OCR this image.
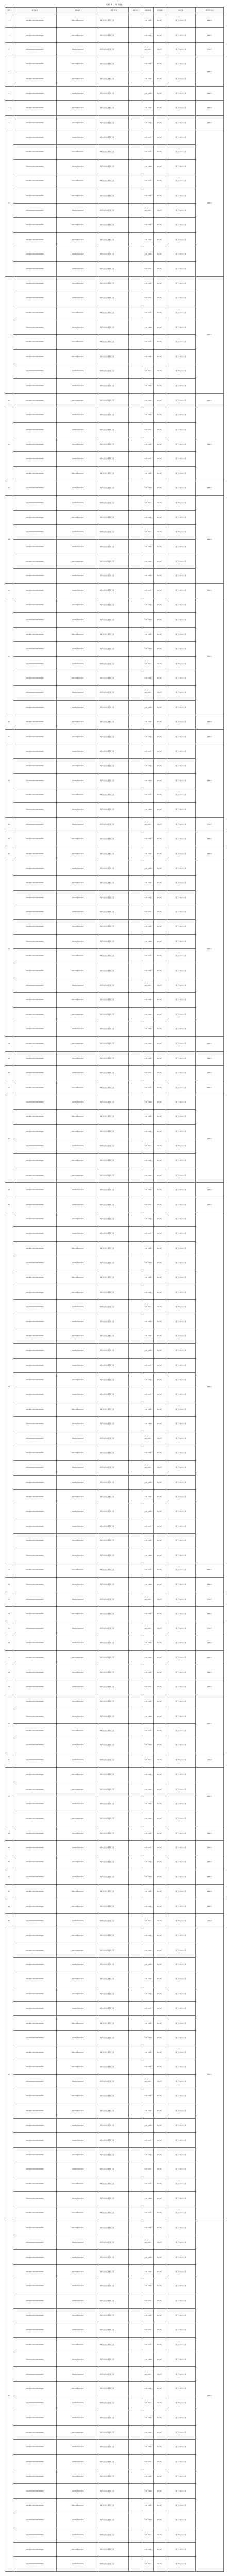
采购项目明细表
序号	项目编号	采购编号	项目名称	采购方式	审批金额	合同金额	供应商	项目负责人
1	240418044015000000000	2024020141234	城市综合执法局零星工程		4017011	201.3万	厦门市×××公司	2390.7
2	240418044015000000000	2024020141234	城市综合执法局零星工程		4017011	201.3万	厦门市×××公司	2390.7
3	240418044015000000000	2024020141234	城市综合执法局零星工程		4017011	201.3万	厦门市×××公司	2390.7
4	240418044015000000000	2024020141234	城市综合执法局零星工程		4017011	201.3万	厦门市×××公司	2390.7
	240418044015000000000	2024020141234	城市综合执法局零星工程		4017011	201.3万	厦门市×××公司	
5	240418044015000000000	2024020141234	城市综合执法局零星工程		4017011	201.3万	厦门市×××公司	2390.7
6	240418044015000000000	2024020141234	城市综合执法局零星工程		4017011	201.3万	厦门市×××公司	2390.7
7	240418044015000000000	2024020141234	城市综合执法局零星工程		4017011	201.3万	厦门市×××公司	2390.7
8	240418044015000000000	2024020141234	城市综合执法局零星工程		4017011	201.3万	厦门市×××公司	2390.7
	240418044015000000000	2024020141234	城市综合执法局零星工程		4017011	201.3万	厦门市×××公司	
	240418044015000000000	2024020141234	城市综合执法局零星工程		4017011	201.3万	厦门市×××公司	
	240418044015000000000	2024020141234	城市综合执法局零星工程		4017011	201.3万	厦门市×××公司	
	240418044015000000000	2024020141234	城市综合执法局零星工程		4017011	201.3万	厦门市×××公司	
	240418044015000000000	2024020141234	城市综合执法局零星工程		4017011	201.3万	厦门市×××公司	
	240418044015000000000	2024020141234	城市综合执法局零星工程		4017011	201.3万	厦门市×××公司	
	240418044015000000000	2024020141234	城市综合执法局零星工程		4017011	201.3万	厦门市×××公司	
	240418044015000000000	2024020141234	城市综合执法局零星工程		4017011	201.3万	厦门市×××公司	
	240418044015000000000	2024020141234	城市综合执法局零星工程		4017011	201.3万	厦门市×××公司	
9	240418044015000000000	2024020141234	城市综合执法局零星工程		4017011	201.3万	厦门市×××公司	2390.7
	240418044015000000000	2024020141234	城市综合执法局零星工程		4017011	201.3万	厦门市×××公司	
	240418044015000000000	2024020141234	城市综合执法局零星工程		4017011	201.3万	厦门市×××公司	
	240418044015000000000	2024020141234	城市综合执法局零星工程		4017011	201.3万	厦门市×××公司	
	240418044015000000000	2024020141234	城市综合执法局零星工程		4017011	201.3万	厦门市×××公司	
	240418044015000000000	2024020141234	城市综合执法局零星工程		4017011	201.3万	厦门市×××公司	
	240418044015000000000	2024020141234	城市综合执法局零星工程		4017011	201.3万	厦门市×××公司	
	240418044015000000000	2024020141234	城市综合执法局零星工程		4017011	201.3万	厦门市×××公司	
10	240418044015000000000	2024020141234	城市综合执法局零星工程		4017011	201.3万	厦门市×××公司	2390.7
11	240418044015000000000	2024020141234	城市综合执法局零星工程		4017011	201.3万	厦门市×××公司	2390.7
	240418044015000000000	2024020141234	城市综合执法局零星工程		4017011	201.3万	厦门市×××公司	
	240418044015000000000	2024020141234	城市综合执法局零星工程		4017011	201.3万	厦门市×××公司	
	240418044015000000000	2024020141234	城市综合执法局零星工程		4017011	201.3万	厦门市×××公司	
	240418044015000000000	2024020141234	城市综合执法局零星工程		4017011	201.3万	厦门市×××公司	
12	240418044015000000000	2024020141234	城市综合执法局零星工程		4017011	201.3万	厦门市×××公司	2390.7
13	240418044015000000000	2024020141234	城市综合执法局零星工程		4017011	201.3万	厦门市×××公司	2390.7
	240418044015000000000	2024020141234	城市综合执法局零星工程		4017011	201.3万	厦门市×××公司	
	240418044015000000000	2024020141234	城市综合执法局零星工程		4017011	201.3万	厦门市×××公司	
	240418044015000000000	2024020141234	城市综合执法局零星工程		4017011	201.3万	厦门市×××公司	
	240418044015000000000	2024020141234	城市综合执法局零星工程		4017011	201.3万	厦门市×××公司	
	240418044015000000000	2024020141234	城市综合执法局零星工程		4017011	201.3万	厦门市×××公司	
14	240418044015000000000	2024020141234	城市综合执法局零星工程		4017011	201.3万	厦门市×××公司	2390.7
15	240418044015000000000	2024020141234	城市综合执法局零星工程		4017011	201.3万	厦门市×××公司	2390.7
	240418044015000000000	2024020141234	城市综合执法局零星工程		4017011	201.3万	厦门市×××公司	
	240418044015000000000	2024020141234	城市综合执法局零星工程		4017011	201.3万	厦门市×××公司	
	240418044015000000000	2024020141234	城市综合执法局零星工程		4017011	201.3万	厦门市×××公司	
	240418044015000000000	2024020141234	城市综合执法局零星工程		4017011	201.3万	厦门市×××公司	
	240418044015000000000	2024020141234	城市综合执法局零星工程		4017011	201.3万	厦门市×××公司	
	240418044015000000000	2024020141234	城市综合执法局零星工程		4017011	201.3万	厦门市×××公司	
	240418044015000000000	2024020141234	城市综合执法局零星工程		4017011	201.3万	厦门市×××公司	
16	240418044015000000000	2024020141234	城市综合执法局零星工程		4017011	201.3万	厦门市×××公司	2390.7
17	240418044015000000000	2024020141234	城市综合执法局零星工程		4017011	201.3万	厦门市×××公司	2390.7
18	240418044015000000000	2024020141234	城市综合执法局零星工程		4017011	201.3万	厦门市×××公司	2390.7
	240418044015000000000	2024020141234	城市综合执法局零星工程		4017011	201.3万	厦门市×××公司	
	240418044015000000000	2024020141234	城市综合执法局零星工程		4017011	201.3万	厦门市×××公司	
	240418044015000000000	2024020141234	城市综合执法局零星工程		4017011	201.3万	厦门市×××公司	
	240418044015000000000	2024020141234	城市综合执法局零星工程		4017011	201.3万	厦门市×××公司	
19	240418044015000000000	2024020141234	城市综合执法局零星工程		4017011	201.3万	厦门市×××公司	2390.7
20	240418044015000000000	2024020141234	城市综合执法局零星工程		4017011	201.3万	厦门市×××公司	2390.7
21	240418044015000000000	2024020141234	城市综合执法局零星工程		4017011	201.3万	厦门市×××公司	2390.7
22	240418044015000000000	2024020141234	城市综合执法局零星工程		4017011	201.3万	厦门市×××公司	2390.7
	240418044015000000000	2024020141234	城市综合执法局零星工程		4017011	201.3万	厦门市×××公司	
	240418044015000000000	2024020141234	城市综合执法局零星工程		4017011	201.3万	厦门市×××公司	
	240418044015000000000	2024020141234	城市综合执法局零星工程		4017011	201.3万	厦门市×××公司	
	240418044015000000000	2024020141234	城市综合执法局零星工程		4017011	201.3万	厦门市×××公司	
	240418044015000000000	2024020141234	城市综合执法局零星工程		4017011	201.3万	厦门市×××公司	
	240418044015000000000	2024020141234	城市综合执法局零星工程		4017011	201.3万	厦门市×××公司	
	240418044015000000000	2024020141234	城市综合执法局零星工程		4017011	201.3万	厦门市×××公司	
	240418044015000000000	2024020141234	城市综合执法局零星工程		4017011	201.3万	厦门市×××公司	
	240418044015000000000	2024020141234	城市综合执法局零星工程		4017011	201.3万	厦门市×××公司	
	240418044015000000000	2024020141234	城市综合执法局零星工程		4017011	201.3万	厦门市×××公司	
	240418044015000000000	2024020141234	城市综合执法局零星工程		4017011	201.3万	厦门市×××公司	
23	240418044015000000000	2024020141234	城市综合执法局零星工程		4017011	201.3万	厦门市×××公司	2390.7
24	240418044015000000000	2024020141234	城市综合执法局零星工程		4017011	201.3万	厦门市×××公司	2390.7
25	240418044015000000000	2024020141234	城市综合执法局零星工程		4017011	201.3万	厦门市×××公司	2390.7
26	240418044015000000000	2024020141234	城市综合执法局零星工程		4017011	201.3万	厦门市×××公司	2390.7
27	240418044015000000000	2024020141234	城市综合执法局零星工程		4017011	201.3万	厦门市×××公司	2390.7
	240418044015000000000	2024020141234	城市综合执法局零星工程		4017011	201.3万	厦门市×××公司	
	240418044015000000000	2024020141234	城市综合执法局零星工程		4017011	201.3万	厦门市×××公司	
	240418044015000000000	2024020141234	城市综合执法局零星工程		4017011	201.3万	厦门市×××公司	
	240418044015000000000	2024020141234	城市综合执法局零星工程		4017011	201.3万	厦门市×××公司	
	240418044015000000000	2024020141234	城市综合执法局零星工程		4017011	201.3万	厦门市×××公司	
28	240418044015000000000	2024020141234	城市综合执法局零星工程		4017011	201.3万	厦门市×××公司	2390.7
29	240418044015000000000	2024020141234	城市综合执法局零星工程		4017011	201.3万	厦门市×××公司	2390.7
30	240418044015000000000	2024020141234	城市综合执法局零星工程		4017011	201.3万	厦门市×××公司	2390.7
	240418044015000000000	2024020141234	城市综合执法局零星工程		4017011	201.3万	厦门市×××公司	
	240418044015000000000	2024020141234	城市综合执法局零星工程		4017011	201.3万	厦门市×××公司	
	240418044015000000000	2024020141234	城市综合执法局零星工程		4017011	201.3万	厦门市×××公司	
	240418044015000000000	2024020141234	城市综合执法局零星工程		4017011	201.3万	厦门市×××公司	
	240418044015000000000	2024020141234	城市综合执法局零星工程		4017011	201.3万	厦门市×××公司	
	240418044015000000000	2024020141234	城市综合执法局零星工程		4017011	201.3万	厦门市×××公司	
	240418044015000000000	2024020141234	城市综合执法局零星工程		4017011	201.3万	厦门市×××公司	
	240418044015000000000	2024020141234	城市综合执法局零星工程		4017011	201.3万	厦门市×××公司	
	240418044015000000000	2024020141234	城市综合执法局零星工程		4017011	201.3万	厦门市×××公司	
	240418044015000000000	2024020141234	城市综合执法局零星工程		4017011	201.3万	厦门市×××公司	
	240418044015000000000	2024020141234	城市综合执法局零星工程		4017011	201.3万	厦门市×××公司	
	240418044015000000000	2024020141234	城市综合执法局零星工程		4017011	201.3万	厦门市×××公司	
	240418044015000000000	2024020141234	城市综合执法局零星工程		4017011	201.3万	厦门市×××公司	
	240418044015000000000	2024020141234	城市综合执法局零星工程		4017011	201.3万	厦门市×××公司	
	240418044015000000000	2024020141234	城市综合执法局零星工程		4017011	201.3万	厦门市×××公司	
	240418044015000000000	2024020141234	城市综合执法局零星工程		4017011	201.3万	厦门市×××公司	
	240418044015000000000	2024020141234	城市综合执法局零星工程		4017011	201.3万	厦门市×××公司	
	240418044015000000000	2024020141234	城市综合执法局零星工程		4017011	201.3万	厦门市×××公司	
	240418044015000000000	2024020141234	城市综合执法局零星工程		4017011	201.3万	厦门市×××公司	
	240418044015000000000	2024020141234	城市综合执法局零星工程		4017011	201.3万	厦门市×××公司	
	240418044015000000000	2024020141234	城市综合执法局零星工程		4017011	201.3万	厦门市×××公司	
	240418044015000000000	2024020141234	城市综合执法局零星工程		4017011	201.3万	厦门市×××公司	
	240418044015000000000	2024020141234	城市综合执法局零星工程		4017011	201.3万	厦门市×××公司	
31	240418044015000000000	2024020141234	城市综合执法局零星工程		4017011	201.3万	厦门市×××公司	2390.7
32	240418044015000000000	2024020141234	城市综合执法局零星工程		4017011	201.3万	厦门市×××公司	2390.7
33	240418044015000000000	2024020141234	城市综合执法局零星工程		4017011	201.3万	厦门市×××公司	2390.7
34	240418044015000000000	2024020141234	城市综合执法局零星工程		4017011	201.3万	厦门市×××公司	2390.7
35	240418044015000000000	2024020141234	城市综合执法局零星工程		4017011	201.3万	厦门市×××公司	2390.7
36	240418044015000000000	2024020141234	城市综合执法局零星工程		4017011	201.3万	厦门市×××公司	2390.7
37	240418044015000000000	2024020141234	城市综合执法局零星工程		4017011	201.3万	厦门市×××公司	2390.7
38	240418044015000000000	2024020141234	城市综合执法局零星工程		4017011	201.3万	厦门市×××公司	2390.7
39	240418044015000000000	2024020141234	城市综合执法局零星工程		4017011	201.3万	厦门市×××公司	2390.7
40	240418044015000000000	2024020141234	城市综合执法局零星工程		4017011	201.3万	厦门市×××公司	2390.7
	240418044015000000000	2024020141234	城市综合执法局零星工程		4017011	201.3万	厦门市×××公司	
	240418044015000000000	2024020141234	城市综合执法局零星工程		4017011	201.3万	厦门市×××公司	
	240418044015000000000	2024020141234	城市综合执法局零星工程		4017011	201.3万	厦门市×××公司	
41	240418044015000000000	2024020141234	城市综合执法局零星工程		4017011	201.3万	厦门市×××公司	2390.7
42	240418044015000000000	2024020141234	城市综合执法局零星工程		4017011	201.3万	厦门市×××公司	2390.7
	240418044015000000000	2024020141234	城市综合执法局零星工程		4017011	201.3万	厦门市×××公司	
	240418044015000000000	2024020141234	城市综合执法局零星工程		4017011	201.3万	厦门市×××公司	
	240418044015000000000	2024020141234	城市综合执法局零星工程		4017011	201.3万	厦门市×××公司	
43	240418044015000000000	2024020141234	城市综合执法局零星工程		4017011	201.3万	厦门市×××公司	2390.7
44	240418044015000000000	2024020141234	城市综合执法局零星工程		4017011	201.3万	厦门市×××公司	2390.7
45	240418044015000000000	2024020141234	城市综合执法局零星工程		4017011	201.3万	厦门市×××公司	2390.7
46	240418044015000000000	2024020141234	城市综合执法局零星工程		4017011	201.3万	厦门市×××公司	2390.7
47	240418044015000000000	2024020141234	城市综合执法局零星工程		4017011	201.3万	厦门市×××公司	2390.7
48	240418044015000000000	2024020141234	城市综合执法局零星工程		4017011	201.3万	厦门市×××公司	2390.7
49	240418044015000000000	2024020141234	城市综合执法局零星工程		4017011	201.3万	厦门市×××公司	2390.7
50	240418044015000000000	2024020141234	城市综合执法局零星工程		4017011	201.3万	厦门市×××公司	2390.7
	240418044015000000000	2024020141234	城市综合执法局零星工程		4017011	201.3万	厦门市×××公司	
	240418044015000000000	2024020141234	城市综合执法局零星工程		4017011	201.3万	厦门市×××公司	
	240418044015000000000	2024020141234	城市综合执法局零星工程		4017011	201.3万	厦门市×××公司	
	240418044015000000000	2024020141234	城市综合执法局零星工程		4017011	201.3万	厦门市×××公司	
	240418044015000000000	2024020141234	城市综合执法局零星工程		4017011	201.3万	厦门市×××公司	
	240418044015000000000	2024020141234	城市综合执法局零星工程		4017011	201.3万	厦门市×××公司	
	240418044015000000000	2024020141234	城市综合执法局零星工程		4017011	201.3万	厦门市×××公司	
	240418044015000000000	2024020141234	城市综合执法局零星工程		4017011	201.3万	厦门市×××公司	
	240418044015000000000	2024020141234	城市综合执法局零星工程		4017011	201.3万	厦门市×××公司	
	240418044015000000000	2024020141234	城市综合执法局零星工程		4017011	201.3万	厦门市×××公司	
	240418044015000000000	2024020141234	城市综合执法局零星工程		4017011	201.3万	厦门市×××公司	
	240418044015000000000	2024020141234	城市综合执法局零星工程		4017011	201.3万	厦门市×××公司	
	240418044015000000000	2024020141234	城市综合执法局零星工程		4017011	201.3万	厦门市×××公司	
	240418044015000000000	2024020141234	城市综合执法局零星工程		4017011	201.3万	厦门市×××公司	
	240418044015000000000	2024020141234	城市综合执法局零星工程		4017011	201.3万	厦门市×××公司	
	240418044015000000000	2024020141234	城市综合执法局零星工程		4017011	201.3万	厦门市×××公司	
	240418044015000000000	2024020141234	城市综合执法局零星工程		4017011	201.3万	厦门市×××公司	
	240418044015000000000	2024020141234	城市综合执法局零星工程		4017011	201.3万	厦门市×××公司	
	240418044015000000000	2024020141234	城市综合执法局零星工程		4017011	201.3万	厦门市×××公司	
51	240418044015000000000	2024020141234	城市综合执法局零星工程		4017011	201.3万	厦门市×××公司	2390.7
	240418044015000000000	2024020141234	城市综合执法局零星工程		4017011	201.3万	厦门市×××公司	
	240418044015000000000	2024020141234	城市综合执法局零星工程		4017011	201.3万	厦门市×××公司	
	240418044015000000000	2024020141234	城市综合执法局零星工程		4017011	201.3万	厦门市×××公司	
	240418044015000000000	2024020141234	城市综合执法局零星工程		4017011	201.3万	厦门市×××公司	
	240418044015000000000	2024020141234	城市综合执法局零星工程		4017011	201.3万	厦门市×××公司	
	240418044015000000000	2024020141234	城市综合执法局零星工程		4017011	201.3万	厦门市×××公司	
	240418044015000000000	2024020141234	城市综合执法局零星工程		4017011	201.3万	厦门市×××公司	
	240418044015000000000	2024020141234	城市综合执法局零星工程		4017011	201.3万	厦门市×××公司	
	240418044015000000000	2024020141234	城市综合执法局零星工程		4017011	201.3万	厦门市×××公司	
	240418044015000000000	2024020141234	城市综合执法局零星工程		4017011	201.3万	厦门市×××公司	
	240418044015000000000	2024020141234	城市综合执法局零星工程		4017011	201.3万	厦门市×××公司	
	240418044015000000000	2024020141234	城市综合执法局零星工程		4017011	201.3万	厦门市×××公司	
	240418044015000000000	2024020141234	城市综合执法局零星工程		4017011	201.3万	厦门市×××公司	
	240418044015000000000	2024020141234	城市综合执法局零星工程		4017011	201.3万	厦门市×××公司	
	240418044015000000000	2024020141234	城市综合执法局零星工程		4017011	201.3万	厦门市×××公司	
	240418044015000000000	2024020141234	城市综合执法局零星工程		4017011	201.3万	厦门市×××公司	
	240418044015000000000	2024020141234	城市综合执法局零星工程		4017011	201.3万	厦门市×××公司	
	240418044015000000000	2024020141234	城市综合执法局零星工程		4017011	201.3万	厦门市×××公司	
	240418044015000000000	2024020141234	城市综合执法局零星工程		4017011	201.3万	厦门市×××公司	
	240418044015000000000	2024020141234	城市综合执法局零星工程		4017011	201.3万	厦门市×××公司	
	240418044015000000000	2024020141234	城市综合执法局零星工程		4017011	201.3万	厦门市×××公司	
	240418044015000000000	2024020141234	城市综合执法局零星工程		4017011	201.3万	厦门市×××公司	
	240418044015000000000	2024020141234	城市综合执法局零星工程		4017011	201.3万	厦门市×××公司	
